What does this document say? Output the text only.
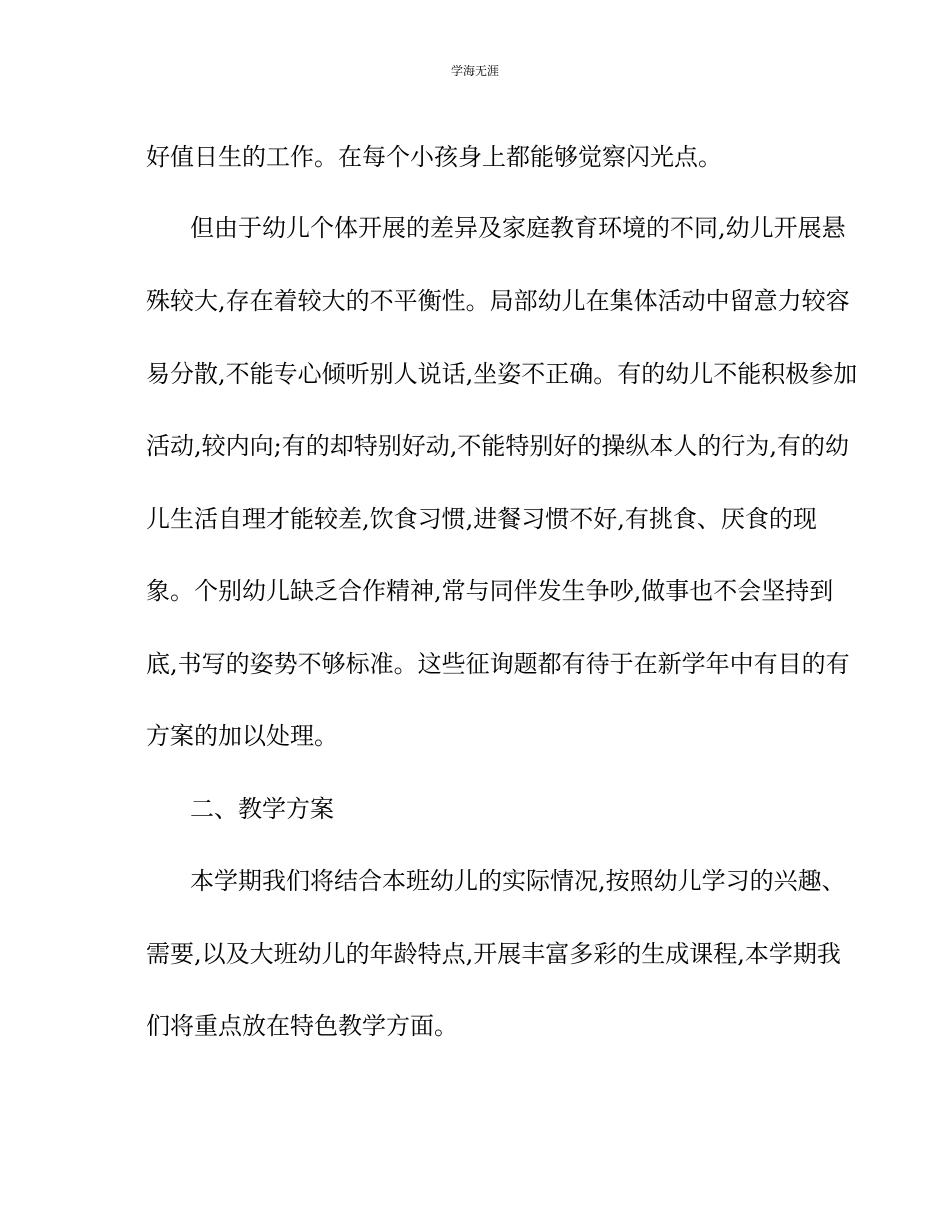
学海无涯
好值日生的工作。在每个小孩身上都能够觉察闪光点。
但由于幼儿个体开展的差异及家庭教育环境的不同,幼儿开展悬
殊较大,存在着较大的不平衡性。局部幼儿在集体活动中留意力较容
易分散,不能专心倾听别人说话,坐姿不正确。有的幼儿不能积极参加
活动,较内向;有的却特别好动,不能特别好的操纵本人的行为,有的幼
儿生活自理才能较差,饮食习惯,进餐习惯不好,有挑食、厌食的现
象。个别幼儿缺乏合作精神,常与同伴发生争吵,做事也不会坚持到
底,书写的姿势不够标准。这些征询题都有待于在新学年中有目的有
方案的加以处理。
二、教学方案
本学期我们将结合本班幼儿的实际情况,按照幼儿学习的兴趣、
需要,以及大班幼儿的年龄特点,开展丰富多彩的生成课程,本学期我
们将重点放在特色教学方面。
